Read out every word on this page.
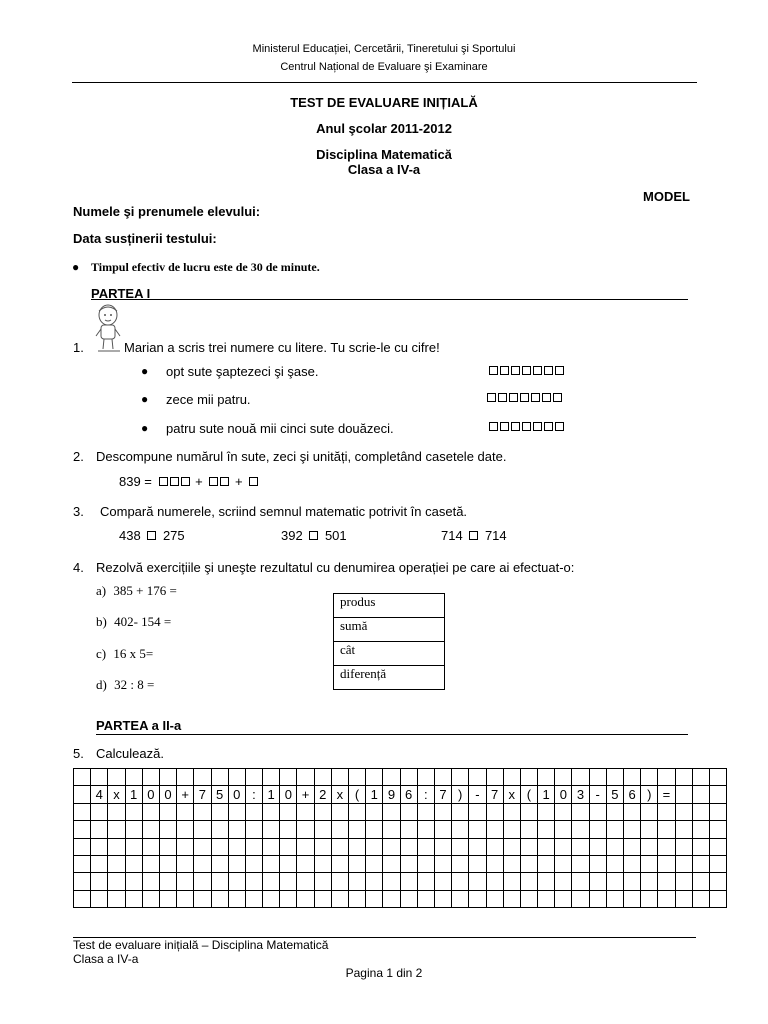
Ministerul Educației, Cercetării, Tineretului şi Sportului
Centrul Național de Evaluare şi Examinare
TEST DE EVALUARE INIȚIALĂ
Anul şcolar 2011-2012
Disciplina Matematică
Clasa a IV-a
MODEL
Numele şi prenumele elevului:
Data susținerii testului:
● Timpul efectiv de lucru este de 30 de minute.
PARTEA I
1.	Marian a scris trei numere cu litere. Tu scrie-le cu cifre!
● opt sute şaptezeci şi şase.
● zece mii patru.
● patru sute nouă mii cinci sute douăzeci.
2. Descompune numărul în sute, zeci şi unități, completând casetele date.
839 =	+ +
3. Compară numerele, scriind semnul matematic potrivit în casetă.
438 275	392 501	714 714
4. Rezolvă exercițiile şi uneşte rezultatul cu denumirea operației pe care ai efectuat-o:
a) 385 + 176 =
b) 402- 154 =
c) 16 x 5=
d) 32 : 8 =
produs
sumă
cât
diferență
PARTEA a II-a
5. Calculează.

	4	x	1	0	0	+	7	5	0	:	1	0	+	2	x	(	1	9	6	:	7	)	-	7	x	(	1	0	3	-	5	6	)	=			

Test de evaluare inițială – Disciplina Matematică
Clasa a IV-a
Pagina 1 din 2
